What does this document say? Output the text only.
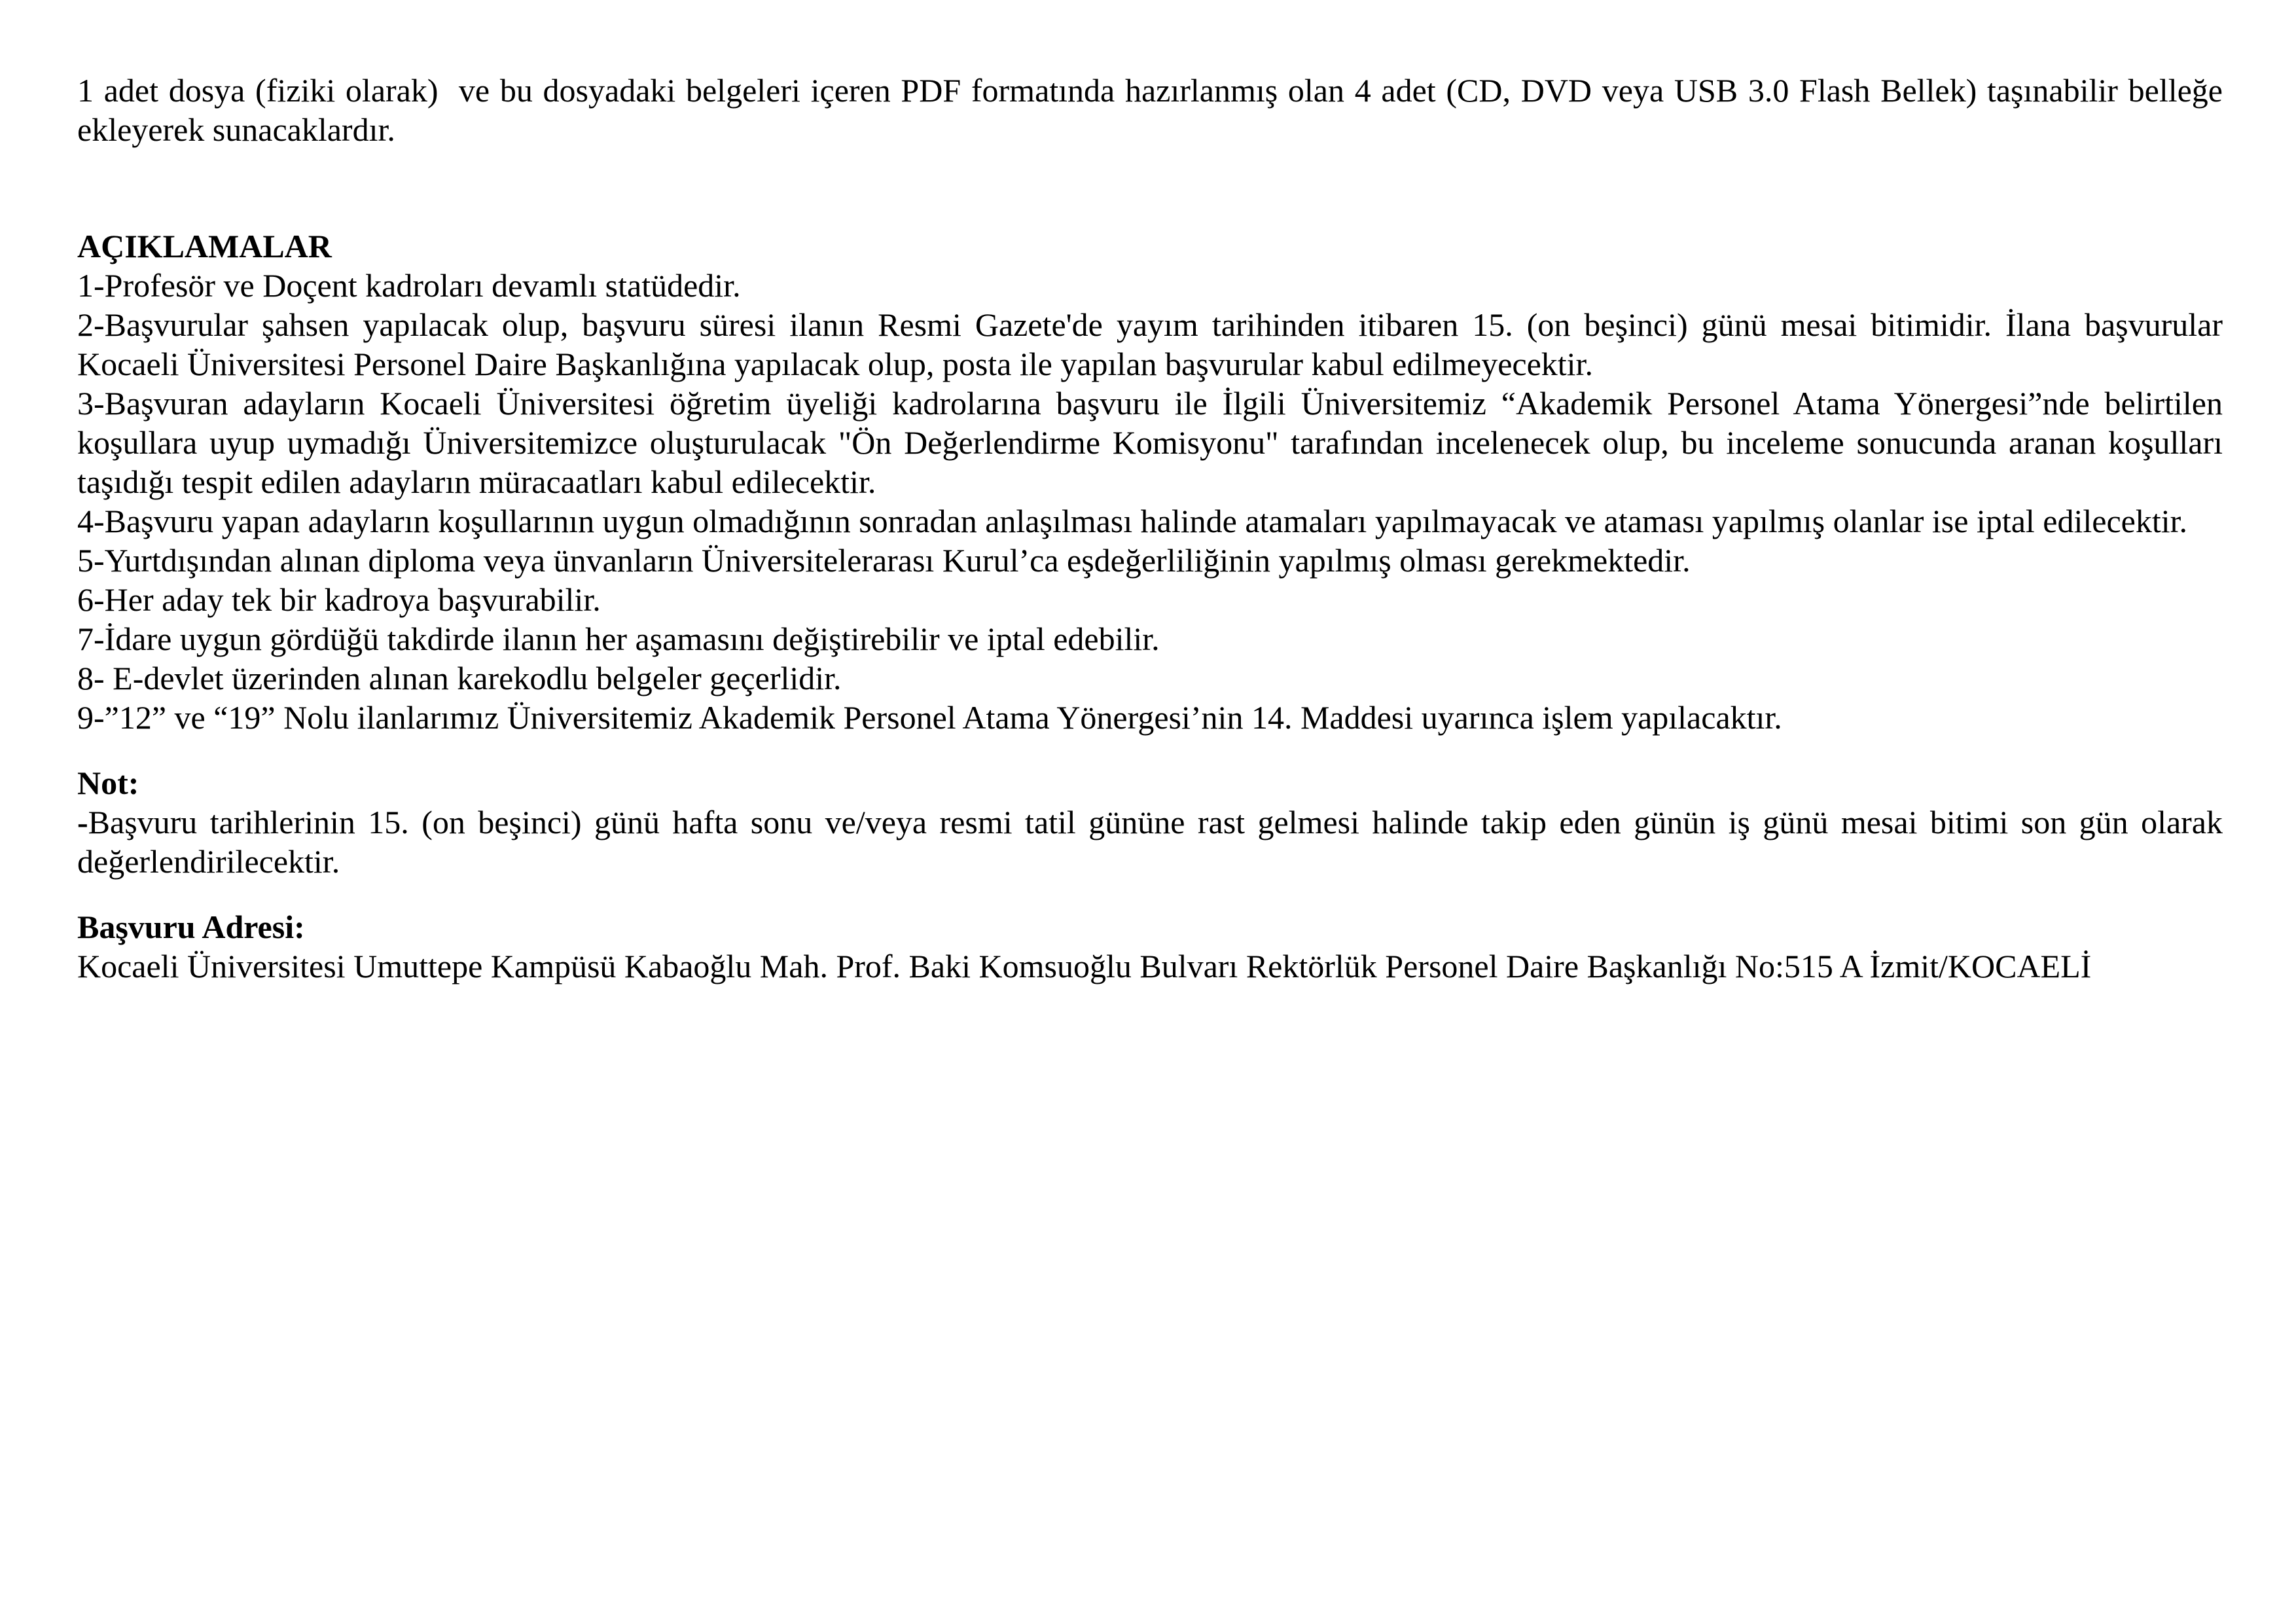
1 adet dosya (fiziki olarak)  ve bu dosyadaki belgeleri içeren PDF formatında hazırlanmış olan 4 adet (CD, DVD veya USB 3.0 Flash Bellek) taşınabilir belleğe ekleyerek sunacaklardır.

AÇIKLAMALAR

1-Profesör ve Doçent kadroları devamlı statüdedir.

2-Başvurular şahsen yapılacak olup, başvuru süresi ilanın Resmi Gazete'de yayım tarihinden itibaren 15. (on beşinci) günü mesai bitimidir. İlana başvurular Kocaeli Üniversitesi Personel Daire Başkanlığına yapılacak olup, posta ile yapılan başvurular kabul edilmeyecektir.

3-Başvuran adayların Kocaeli Üniversitesi öğretim üyeliği kadrolarına başvuru ile İlgili Üniversitemiz “Akademik Personel Atama Yönergesi”nde belirtilen koşullara uyup uymadığı Üniversitemizce oluşturulacak "Ön Değerlendirme Komisyonu" tarafından incelenecek olup, bu inceleme sonucunda aranan koşulları taşıdığı tespit edilen adayların müracaatları kabul edilecektir.

4-Başvuru yapan adayların koşullarının uygun olmadığının sonradan anlaşılması halinde atamaları yapılmayacak ve ataması yapılmış olanlar ise iptal edilecektir.

5-Yurtdışından alınan diploma veya ünvanların Üniversitelerarası Kurul’ca eşdeğerliliğinin yapılmış olması gerekmektedir.

6-Her aday tek bir kadroya başvurabilir.

7-İdare uygun gördüğü takdirde ilanın her aşamasını değiştirebilir ve iptal edebilir.

8- E-devlet üzerinden alınan karekodlu belgeler geçerlidir.

9-”12” ve “19” Nolu ilanlarımız Üniversitemiz Akademik Personel Atama Yönergesi’nin 14. Maddesi uyarınca işlem yapılacaktır.

Not:

-Başvuru tarihlerinin 15. (on beşinci) günü hafta sonu ve/veya resmi tatil gününe rast gelmesi halinde takip eden günün iş günü mesai bitimi son gün olarak değerlendirilecektir.

Başvuru Adresi:

Kocaeli Üniversitesi Umuttepe Kampüsü Kabaoğlu Mah. Prof. Baki Komsuoğlu Bulvarı Rektörlük Personel Daire Başkanlığı No:515 A İzmit/KOCAELİ
